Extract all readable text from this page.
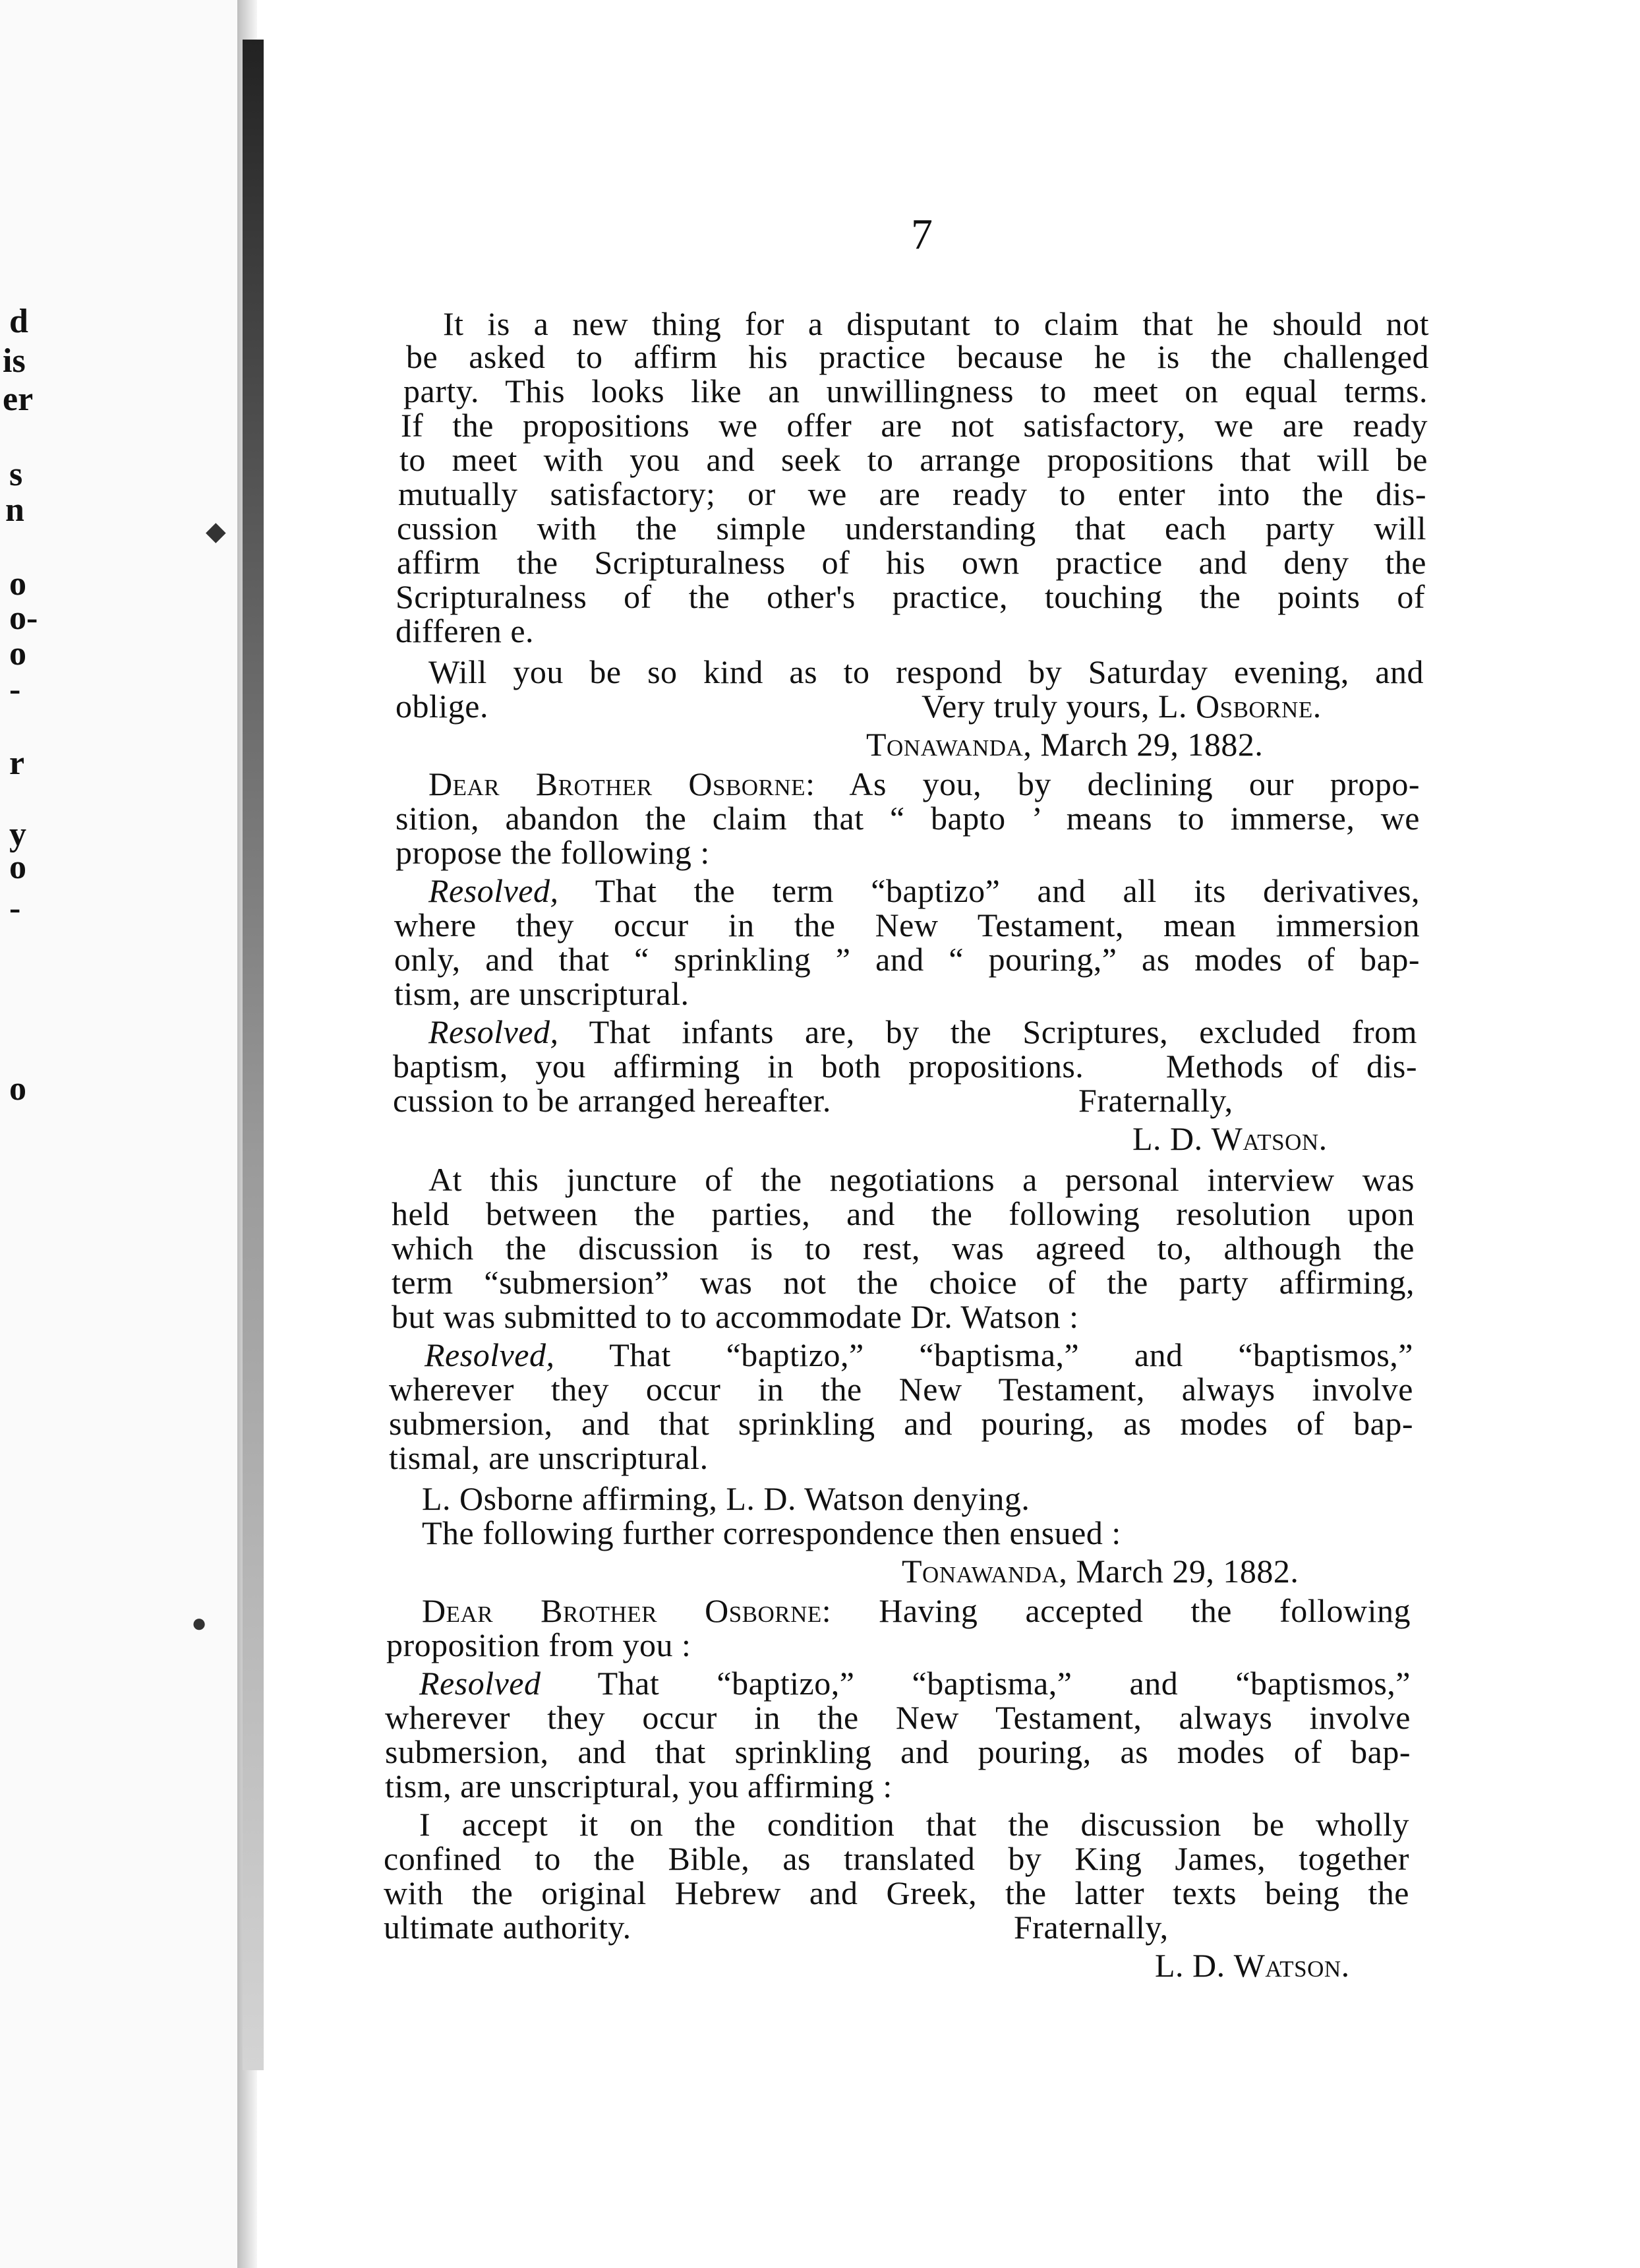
d
is
er
s
n
o
o-
o
-
r
y
o
-
o
◆
●
7
It is a new thing for a disputant to claim that he should not
be asked to affirm his practice because he is the challenged
party. This looks like an unwillingness to meet on equal terms.
If the propositions we offer are not satisfactory, we are ready
to meet with you and seek to arrange propositions that will be
mutually satisfactory; or we are ready to enter into the dis-
cussion with the simple understanding that each party will
affirm the Scripturalness of his own practice and deny the
Scripturalness of the other's practice, touching the points of
differen e.
Will you be so kind as to respond by Saturday evening, and
oblige.	Very truly yours, L. Osborne.
Tonawanda, March 29, 1882.
Dear Brother Osborne: As you, by declining our propo-
sition, abandon the claim that “ bapto ’ means to immerse, we
propose the following :
Resolved, That the term “baptizo” and all its derivatives,
where they occur in the New Testament, mean immersion
only, and that “ sprinkling ” and “ pouring,” as modes of bap-
tism, are unscriptural.
Resolved, That infants are, by the Scriptures, excluded from
baptism, you affirming in both propositions.   Methods of dis-
cussion to be arranged hereafter.	Fraternally,
L. D. Watson.
At this juncture of the negotiations a personal interview was
held between the parties, and the following resolution upon
which the discussion is to rest, was agreed to, although the
term “submersion” was not the choice of the party affirming,
but was submitted to to accommodate Dr. Watson :
Resolved, That “baptizo,” “baptisma,” and “baptismos,”
wherever they occur in the New Testament, always involve
submersion, and that sprinkling and pouring, as modes of bap-
tismal, are unscriptural.
L. Osborne affirming, L. D. Watson denying.
The following further correspondence then ensued :
Tonawanda, March 29, 1882.
Dear Brother Osborne: Having accepted the following
proposition from you :
Resolved That “baptizo,” “baptisma,” and “baptismos,”
wherever they occur in the New Testament, always involve
submersion, and that sprinkling and pouring, as modes of bap-
tism, are unscriptural, you affirming :
I accept it on the condition that the discussion be wholly
confined to the Bible, as translated by King James, together
with the original Hebrew and Greek, the latter texts being the
ultimate authority.	Fraternally,
L. D. Watson.
